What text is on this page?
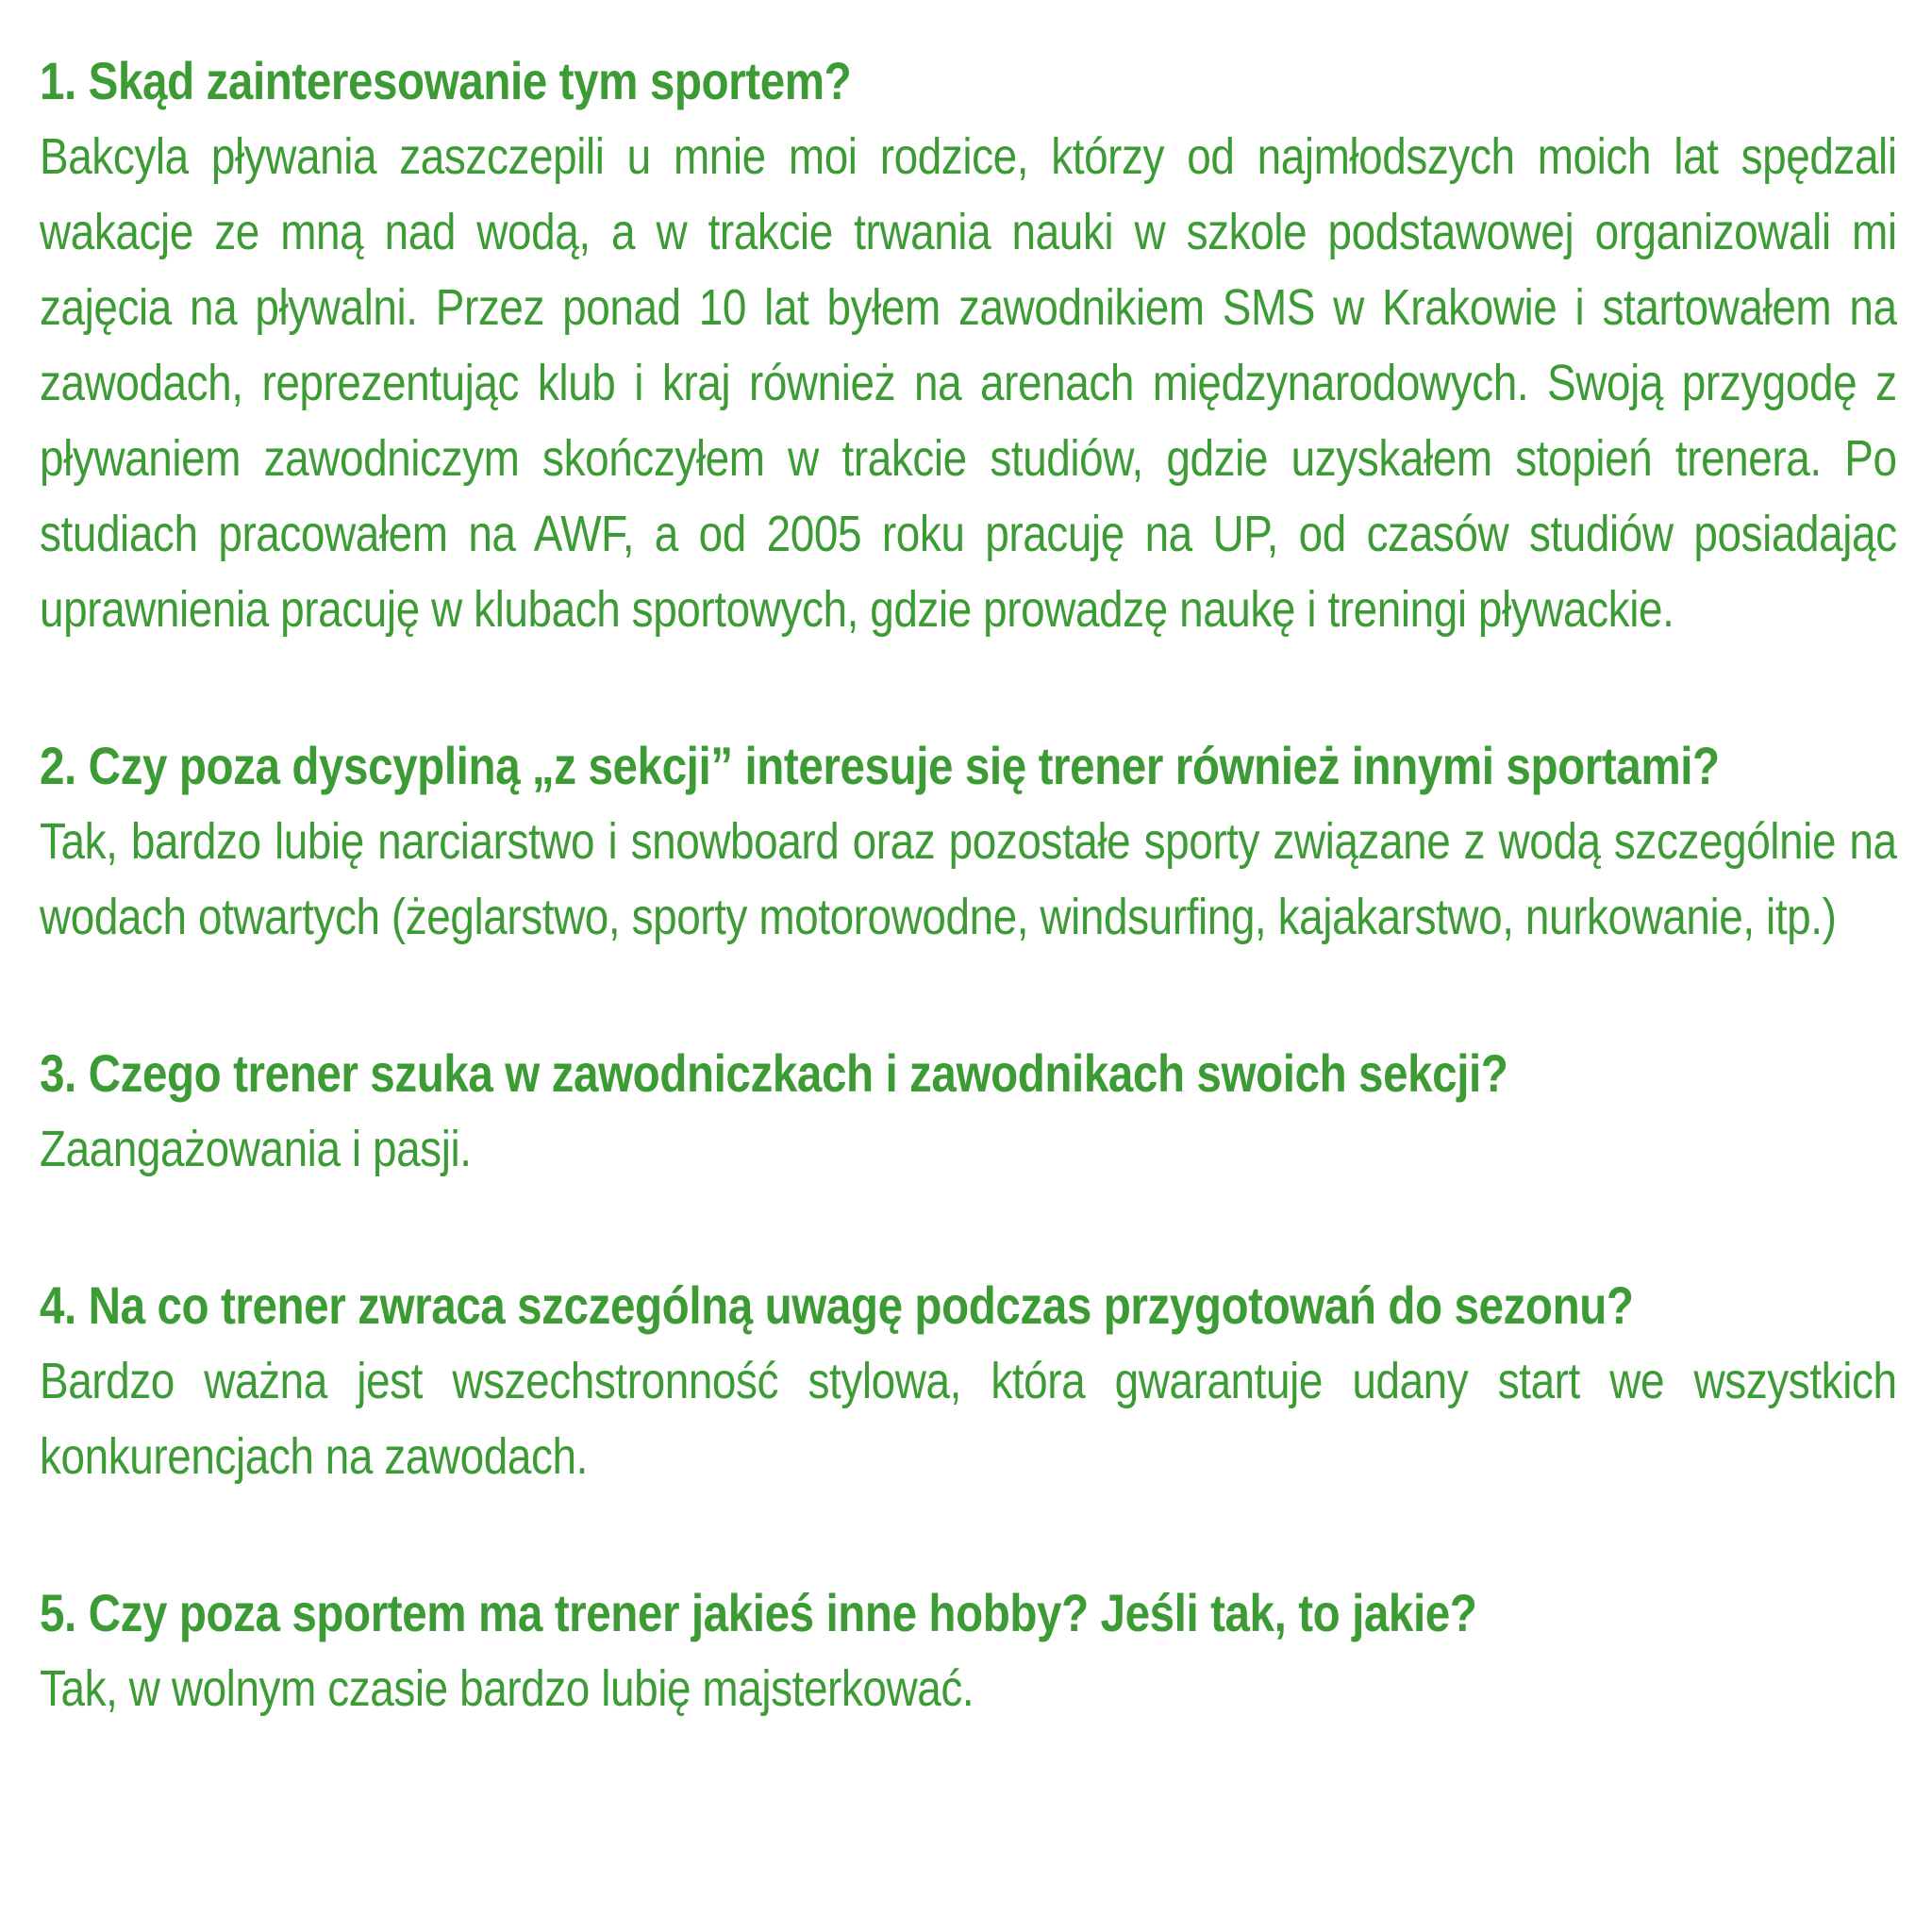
1. Skąd zainteresowanie tym sportem?

Bakcyla pływania zaszczepili u mnie moi rodzice, którzy od najmłodszych moich lat spędzali wakacje ze mną nad wodą, a w trakcie trwania nauki w szkole podstawowej organizowali mi zajęcia na pływalni. Przez ponad 10 lat byłem zawodnikiem SMS w Krakowie i startowałem na zawodach, reprezentując klub i kraj również na arenach międzynarodowych. Swoją przygodę z pływaniem zawodniczym skończyłem w trakcie studiów, gdzie uzyskałem stopień trenera. Po studiach pracowałem na AWF, a od 2005 roku pracuję na UP, od czasów studiów posiadając uprawnienia pracuję w klubach sportowych, gdzie prowadzę naukę i treningi pływackie.

2. Czy poza dyscypliną „z sekcji” interesuje się trener również innymi sportami?

Tak, bardzo lubię narciarstwo i snowboard oraz pozostałe sporty związane z wodą szczególnie na wodach otwartych (żeglarstwo, sporty motorowodne, windsurfing, kajakarstwo, nurkowanie, itp.)

3. Czego trener szuka w zawodniczkach i zawodnikach swoich sekcji?

Zaangażowania i pasji.

4. Na co trener zwraca szczególną uwagę podczas przygotowań do sezonu?

Bardzo ważna jest wszechstronność stylowa, która gwarantuje udany start we wszystkich konkurencjach na zawodach.

5. Czy poza sportem ma trener jakieś inne hobby? Jeśli tak, to jakie?

Tak, w wolnym czasie bardzo lubię majsterkować.
